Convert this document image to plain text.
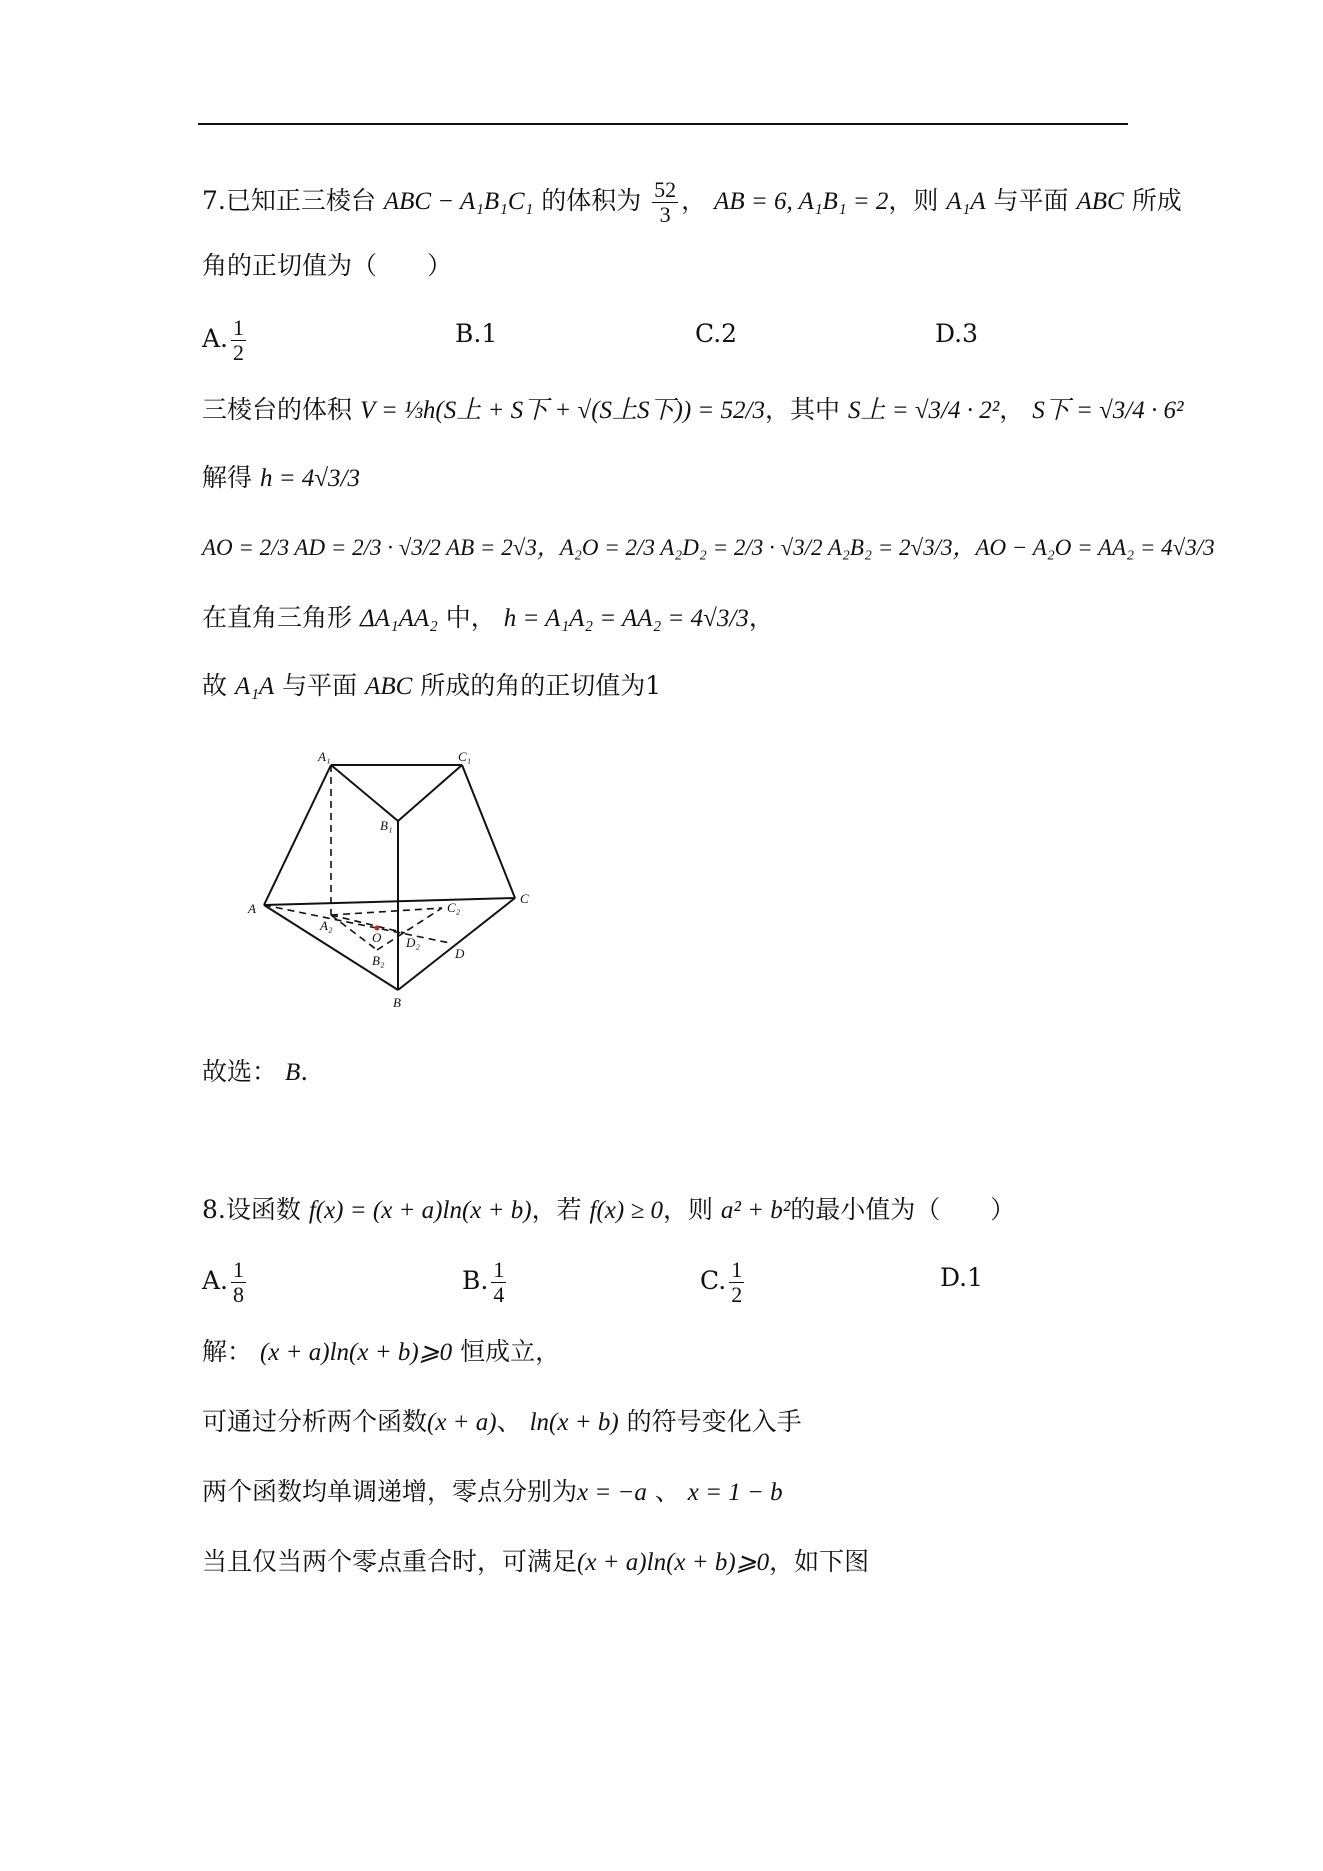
7.已知正三棱台 ABC − A₁B₁C₁ 的体积为 $\frac{52}{3}$ ， AB = 6, A₁B₁ = 2，则 A₁A 与平面 ABC 所成
角的正切值为（　　）
A. $\frac{1}{2}$	B.1	C.2	D.3
三棱台的体积 V = ⅓h(S上 + S下 + √(S上S下)) = 52/3，其中 S上 = √3/4 · 2²， S下 = √3/4 · 6²
解得 h = 4√3/3
AO = 2/3 AD = 2/3 · √3/2 AB = 2√3，A₂O = 2/3 A₂D₂ = 2/3 · √3/2 A₂B₂ = 2√3/3，AO − A₂O = AA₂ = 4√3/3
在直角三角形 ΔA₁AA₂ 中， h = A₁A₂ = AA₂ = 4√3/3，
故 A₁A 与平面 ABC 所成的角的正切值为1
A₁	C₁
B₁
A
C
B
A₂
C₂
O D₂
D
B₂
故选： B.
8.设函数 f(x) = (x + a)ln(x + b)，若 f(x) ≥ 0，则 a² + b²的最小值为（　　）
A. $\frac{1}{8}$	B. $\frac{1}{4}$	C. $\frac{1}{2}$	D.1
解： (x + a)ln(x + b)⩾0 恒成立，
可通过分析两个函数(x + a)、 ln(x + b) 的符号变化入手
两个函数均单调递增，零点分别为x = −a 、 x = 1 − b
当且仅当两个零点重合时，可满足(x + a)ln(x + b)⩾0，如下图
